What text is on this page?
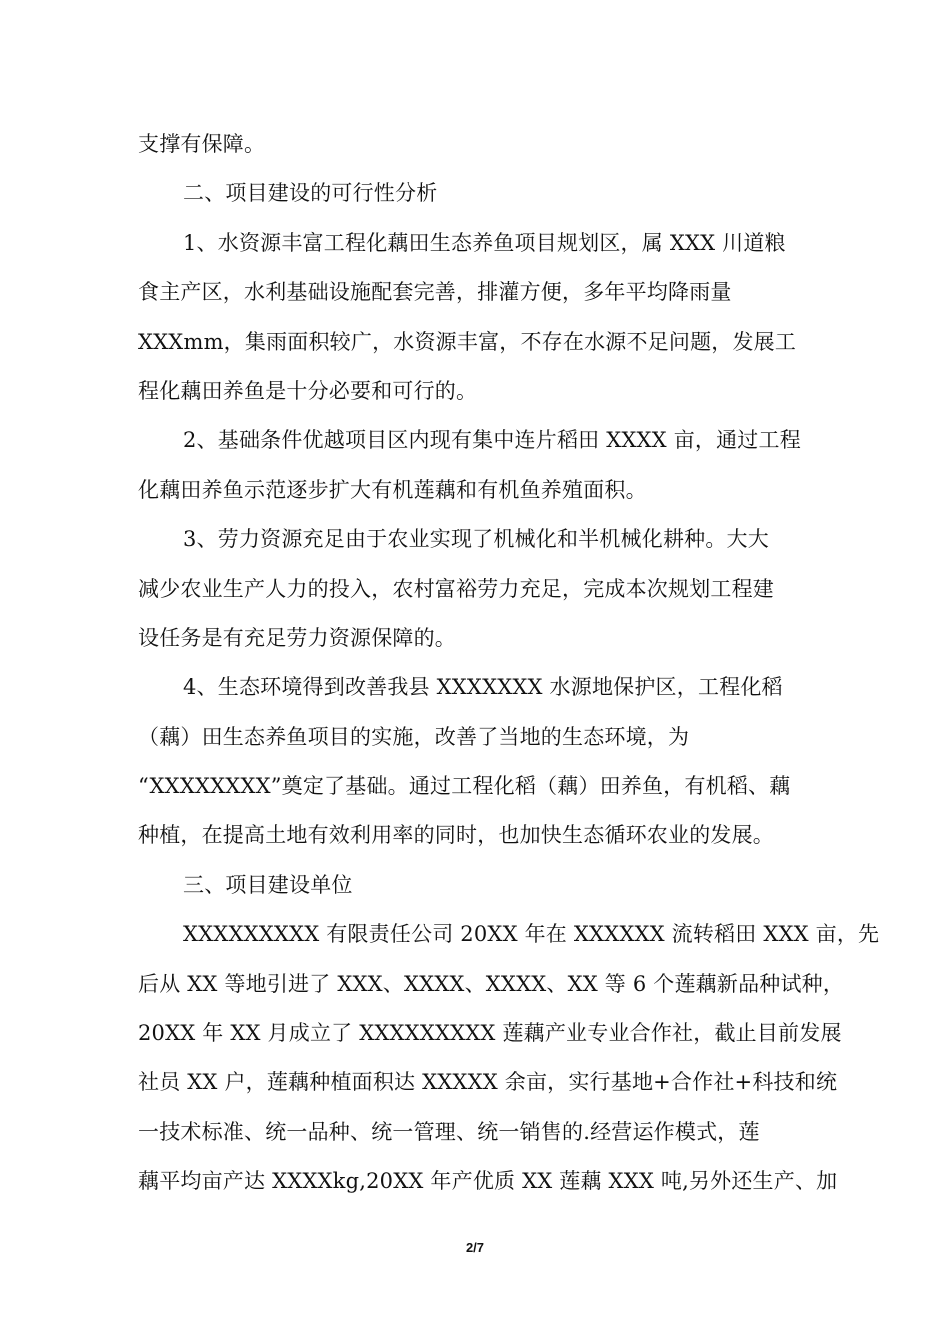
支撑有保障。
二、项目建设的可行性分析
1、水资源丰富工程化藕田生态养鱼项目规划区，属 XXX 川道粮
食主产区，水利基础设施配套完善，排灌方便，多年平均降雨量
XXXmm，集雨面积较广，水资源丰富，不存在水源不足问题，发展工
程化藕田养鱼是十分必要和可行的。
2、基础条件优越项目区内现有集中连片稻田 XXXX 亩，通过工程
化藕田养鱼示范逐步扩大有机莲藕和有机鱼养殖面积。
3、劳力资源充足由于农业实现了机械化和半机械化耕种。大大
减少农业生产人力的投入，农村富裕劳力充足，完成本次规划工程建
设任务是有充足劳力资源保障的。
4、生态环境得到改善我县 XXXXXXX 水源地保护区，工程化稻
（藕）田生态养鱼项目的实施，改善了当地的生态环境，为
“XXXXXXXX”奠定了基础。通过工程化稻（藕）田养鱼，有机稻、藕
种植，在提高土地有效利用率的同时，也加快生态循环农业的发展。
三、项目建设单位
XXXXXXXXX 有限责任公司 20XX 年在 XXXXXX 流转稻田 XXX 亩，先
后从 XX 等地引进了 XXX、XXXX、XXXX、XX 等 6 个莲藕新品种试种，
20XX 年 XX 月成立了 XXXXXXXXX 莲藕产业专业合作社，截止目前发展
社员 XX 户，莲藕种植面积达 XXXXX 余亩，实行基地+合作社+科技和统
一技术标准、统一品种、统一管理、统一销售的.经营运作模式，莲
藕平均亩产达 XXXXkg,20XX 年产优质 XX 莲藕 XXX 吨,另外还生产、加
2/7
